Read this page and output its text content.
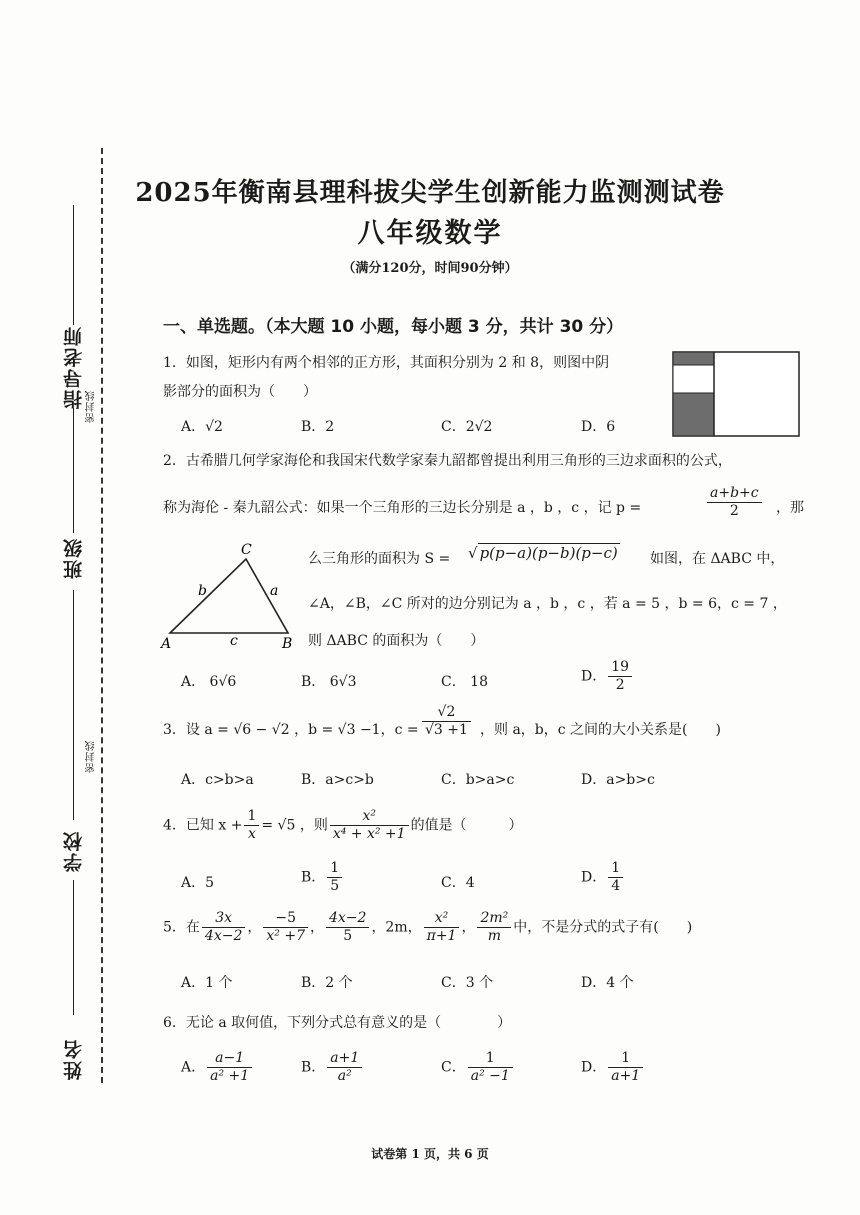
指导老师
班级
学校
姓名
密封线
密封线
2025年衡南县理科拔尖学生创新能力监测测试卷
八年级数学
（满分120分，时间90分钟）
一、单选题。（本大题 10 小题，每小题 3 分，共计 30 分）
1．如图，矩形内有两个相邻的正方形，其面积分别为 2 和 8，则图中阴
影部分的面积为（　　）
A．√2	B．2	C．2√2	D．6
2．古希腊几何学家海伦和我国宋代数学家秦九韶都曾提出利用三角形的三边求面积的公式，
称为海伦 - 秦九韶公式：如果一个三角形的三边长分别是 a ，b ，c ，记 p =	$\frac{a+b+c}{2}$ ，那
么三角形的面积为 S = √ p(p−a)(p−b)(p−c) 如图，在 ΔABC 中，
∠A，∠B，∠C 所对的边分别记为 a ，b ，c ，若 a = 5 ，b = 6，c = 7 ，
则 ΔABC 的面积为（　　）
A	B
C
a
b
c
A． 6√6	B． 6√3	C． 18	D． $\frac{19}{2}$
3．设 a = √6 − √2 ，b = √3 −1，$c = \frac{√2}{√3 +1}$ ，则 a，b，c 之间的大小关系是(　　)
A．c>b>a	B．a>c>b	C．b>a>c	D．a>b>c
4．已知 $x + \frac{1}{x} = √5$ ，则 $\frac{\text{x²}}{\text{x⁴ + x² +1}}$ 的值是（　　　）
A．5	B． $\frac{1}{5}$	C．4	D． $\frac{1}{4}$
5．在 $\frac{3x}{4x-2}$ ， $\frac{-5}{\text{x² +7}}$ ， $\frac{4x-2}{5}$ ，2m， $\frac{\text{x²}}{\pi+1}$ ， $\frac{\text{2m²}}{m}$ 中，不是分式的式子有(　　)
A．1 个	B．2 个	C．3 个	D．4 个
6．无论 a 取何值，下列分式总有意义的是（　　　　）
A． $\frac{a-1}{\text{a² +1}}$	B． $\frac{a+1}{\text{a²}}$	C． $\frac{1}{\text{a² −1}}$	D． $\frac{1}{a+1}$
试卷第 1 页，共 6 页
